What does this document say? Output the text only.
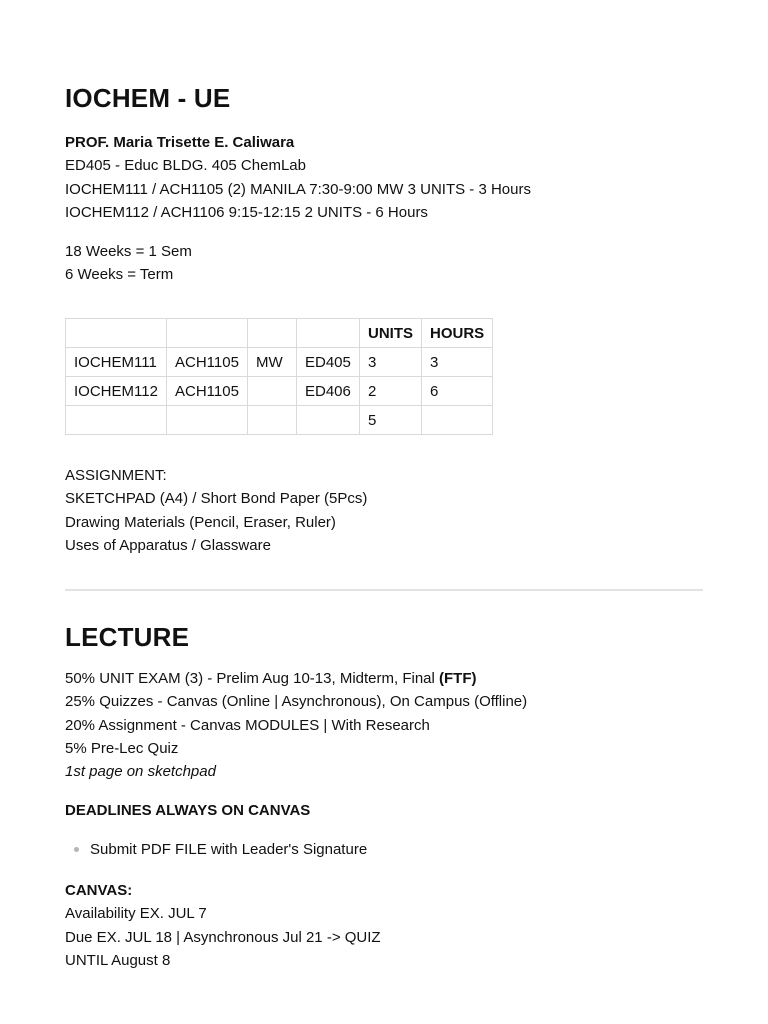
IOCHEM - UE
PROF. Maria Trisette E. Caliwara
ED405 - Educ BLDG. 405 ChemLab
IOCHEM111 / ACH1105 (2) MANILA 7:30-9:00 MW 3 UNITS - 3 Hours
IOCHEM112 / ACH1106 9:15-12:15 2 UNITS - 6 Hours
18 Weeks = 1 Sem
6 Weeks = Term
				UNITS	HOURS
IOCHEM111	ACH1105	MW	ED405	3	3
IOCHEM112	ACH1105		ED406	2	6
				5	
ASSIGNMENT:
SKETCHPAD (A4) / Short Bond Paper (5Pcs)
Drawing Materials (Pencil, Eraser, Ruler)
Uses of Apparatus / Glassware
LECTURE
50% UNIT EXAM (3) - Prelim Aug 10-13, Midterm, Final (FTF)
25% Quizzes - Canvas (Online | Asynchronous), On Campus (Offline)
20% Assignment - Canvas MODULES | With Research
5% Pre-Lec Quiz
1st page on sketchpad
DEADLINES ALWAYS ON CANVAS
Submit PDF FILE with Leader's Signature
CANVAS:
Availability EX. JUL 7
Due EX. JUL 18 | Asynchronous Jul 21 -> QUIZ
UNTIL August 8
